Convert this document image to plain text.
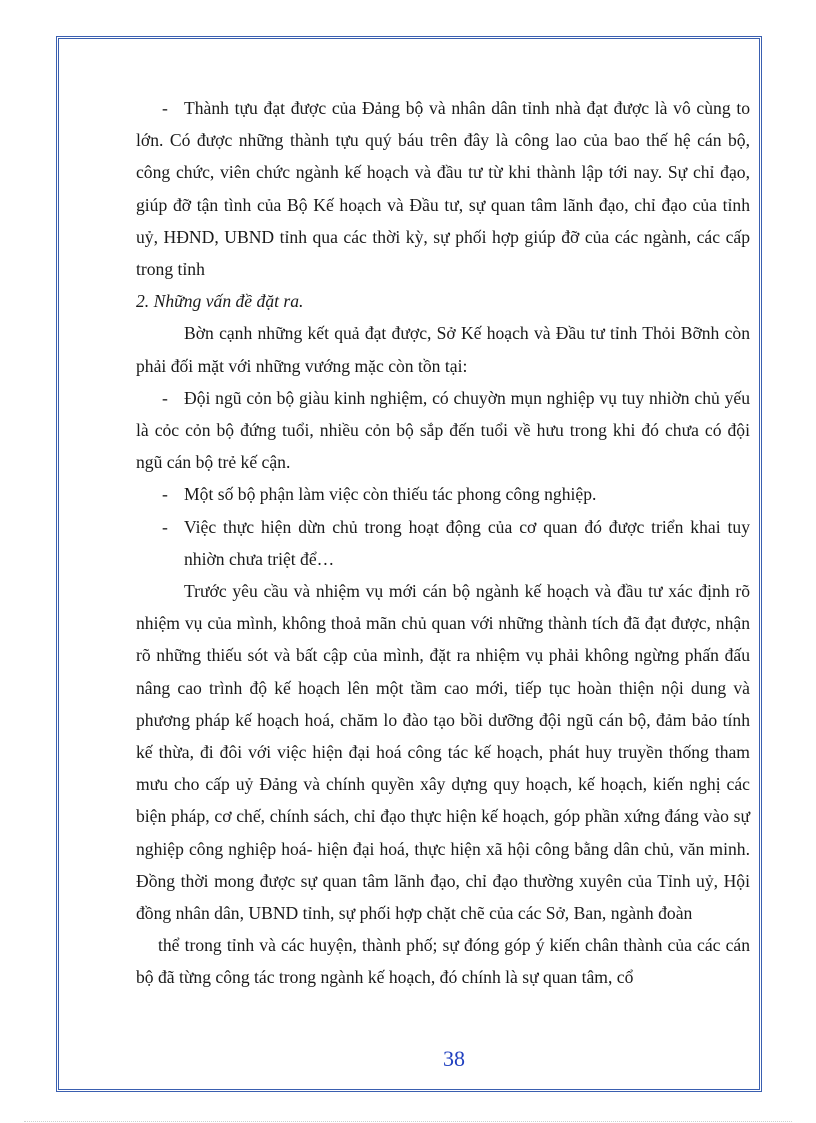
- Thành tựu đạt được của Đảng bộ và nhân dân tỉnh nhà đạt được là vô cùng to lớn. Có được những thành tựu quý báu trên đây là công lao của bao thế hệ cán bộ, công chức, viên chức ngành kế hoạch và đầu tư từ khi thành lập tới nay. Sự chỉ đạo, giúp đỡ tận tình của Bộ Kế hoạch và Đầu tư, sự quan tâm lãnh đạo, chỉ đạo của tỉnh uỷ, HĐND, UBND tỉnh qua các thời kỳ, sự phối hợp giúp đỡ của các ngành, các cấp trong tỉnh

2. Những vấn đề đặt ra.

Bờn cạnh những kết quả đạt được, Sở Kế hoạch và Đầu tư tỉnh Thỏi Bỡnh còn phải đối mặt với những vướng mặc còn tồn tại:

- Đội ngũ cỏn bộ giàu kinh nghiệm, có chuyờn mụn nghiệp vụ tuy nhiờn chủ yếu là cỏc cỏn bộ đứng tuổi, nhiều cỏn bộ sắp đến tuổi về hưu trong khi đó chưa có đội ngũ cán bộ trẻ kế cận.

- Một số bộ phận làm việc còn thiếu tác phong công nghiệp.

- Việc thực hiện dừn chủ trong hoạt động của cơ quan đó được triển khai tuy nhiờn chưa triệt để…

Trước yêu cầu và nhiệm vụ mới cán bộ ngành kế hoạch và đầu tư xác định rõ nhiệm vụ của mình, không thoả mãn chủ quan với những thành tích đã đạt được, nhận rõ những thiếu sót và bất cập của mình, đặt ra nhiệm vụ phải không ngừng phấn đấu nâng cao trình độ kế hoạch lên một tầm cao mới, tiếp tục hoàn thiện nội dung và phương pháp kế hoạch hoá, chăm lo đào tạo bồi dưỡng đội ngũ cán bộ, đảm bảo tính kế thừa, đi đôi với việc hiện đại hoá công tác kế hoạch, phát huy truyền thống tham mưu cho cấp uỷ Đảng và chính quyền xây dựng quy hoạch, kế hoạch, kiến nghị các biện pháp, cơ chế, chính sách, chỉ đạo thực hiện kế hoạch, góp phần xứng đáng vào sự nghiệp công nghiệp hoá- hiện đại hoá, thực hiện xã hội công bằng dân chủ, văn minh. Đồng thời mong được sự quan tâm lãnh đạo, chỉ đạo thường xuyên của Tỉnh uỷ, Hội đồng nhân dân, UBND tỉnh, sự phối hợp chặt chẽ của các Sở, Ban, ngành đoàn

thể trong tỉnh và các huyện, thành phố; sự đóng góp ý kiến chân thành của các cán bộ đã từng công tác trong ngành kế hoạch, đó chính là sự quan tâm, cổ

38
